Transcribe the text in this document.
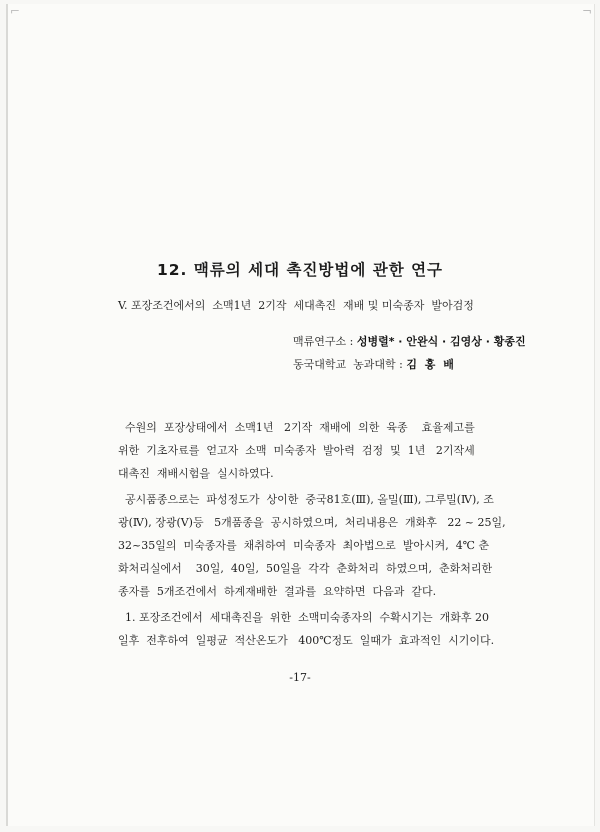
⌐	¬
12. 맥류의 세대 촉진방법에 관한 연구
V. 포장조건에서의  소맥1년  2기작  세대촉진  재배 및 미숙종자  발아검정
맥류연구소 : 성병렬* · 안완식 · 김영상 · 황종진
동국대학교  농과대학 : 김 홍 배
수원의  포장상태에서  소맥1년   2기작  재배에  의한  육종    효율제고를
위한  기초자료를  얻고자  소맥  미숙종자  발아력  검정  및  1년   2기작세
대촉진  재배시험을  실시하였다.
공시품종으로는  파성정도가  상이한  중국81호(Ⅲ), 올밀(Ⅲ), 그루밀(Ⅳ), 조
광(Ⅳ), 장광(Ⅴ)등   5개품종을  공시하였으며,  처리내용은  개화후   22 ~ 25일,
32~35일의  미숙종자를  채취하여  미숙종자  최아법으로  발아시켜,  4℃ 춘
화처리실에서    30일,  40일,  50일을  각각  춘화처리  하였으며,  춘화처리한
종자를  5개조건에서  하계재배한  결과를  요약하면  다음과  같다.
1. 포장조건에서  세대촉진을  위한  소맥미숙종자의  수확시기는  개화후 20
일후  전후하여  일평균  적산온도가   400℃정도  일때가  효과적인  시기이다.
-17-
